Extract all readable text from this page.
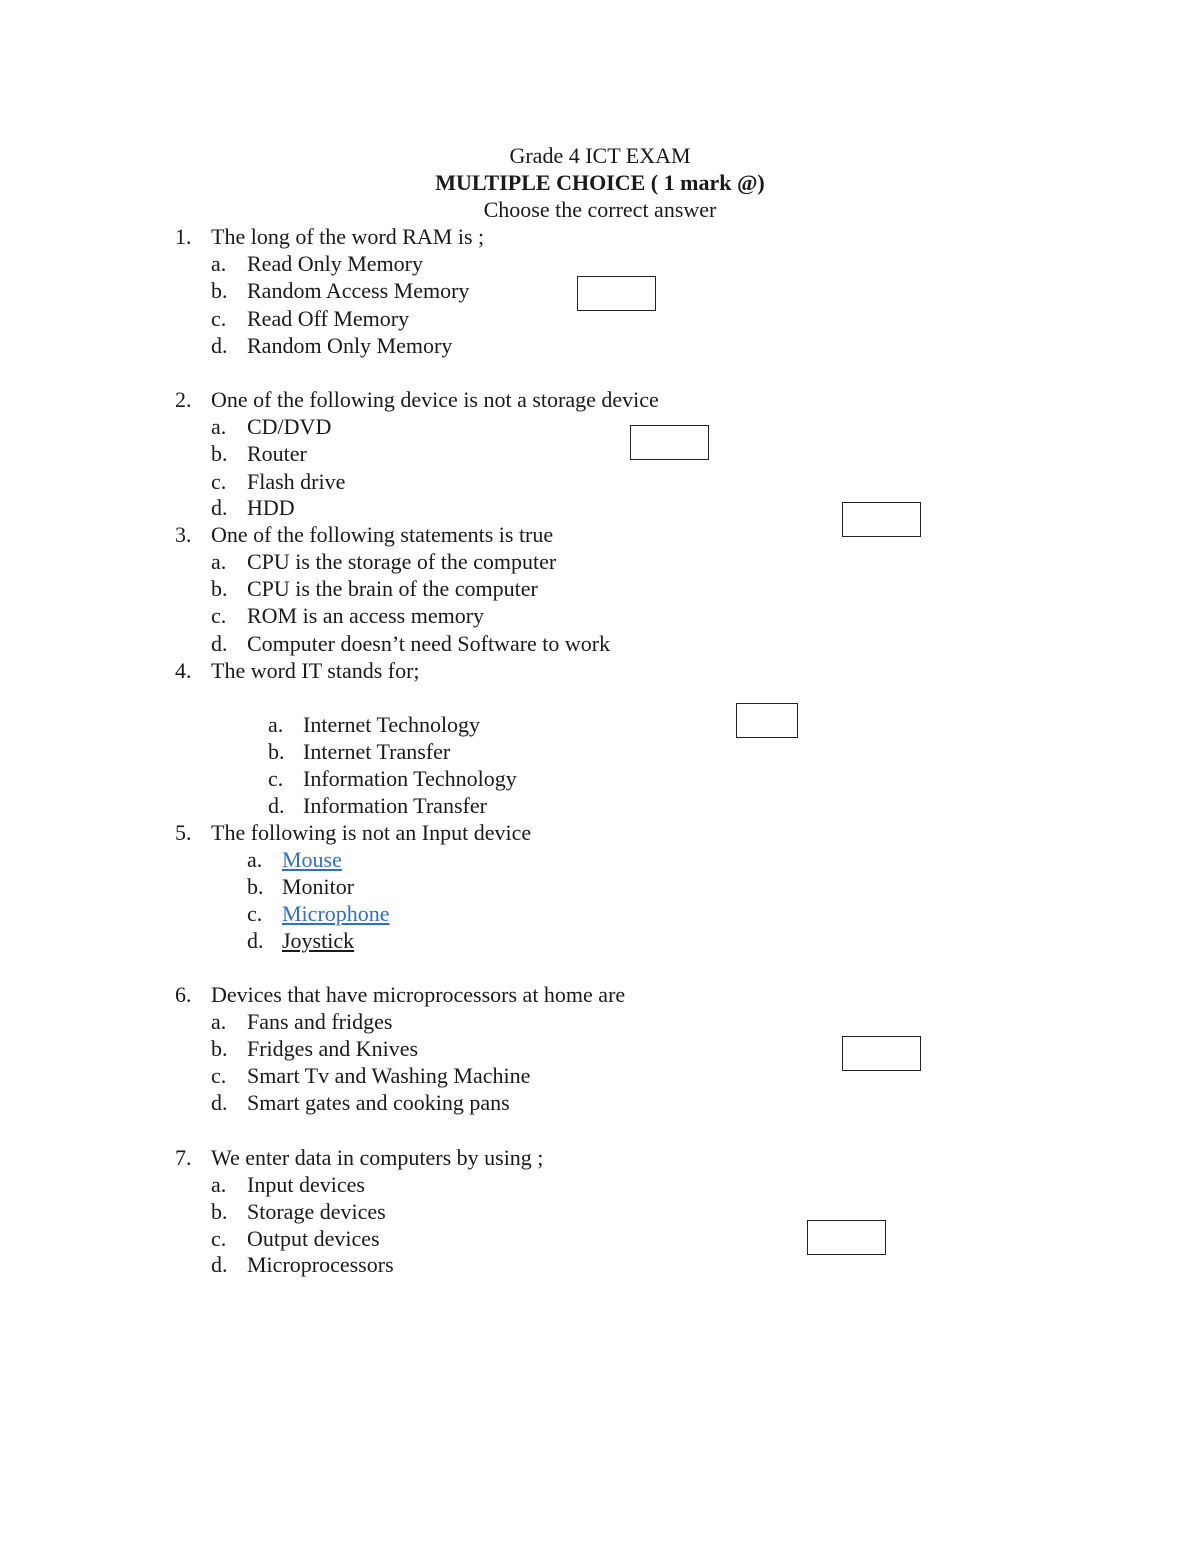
Grade 4 ICT EXAM
MULTIPLE CHOICE ( 1 mark @)
Choose the correct answer
1. The long of the word RAM is ;
a. Read Only Memory
b. Random Access Memory
c. Read Off Memory
d. Random Only Memory
2. One of the following device is not a storage device
a. CD/DVD
b. Router
c. Flash drive
d. HDD
3. One of the following statements is true
a. CPU is the storage of the computer
b. CPU is the brain of the computer
c. ROM is an access memory
d. Computer doesn’t need Software to work
4. The word IT stands for;
a. Internet Technology
b. Internet Transfer
c. Information Technology
d. Information Transfer
5. The following is not an Input device
a. Mouse
b. Monitor
c. Microphone
d. Joystick
6. Devices that have microprocessors at home are
a. Fans and fridges
b. Fridges and Knives
c. Smart Tv and Washing Machine
d. Smart gates and cooking pans
7. We enter data in computers by using ;
a. Input devices
b. Storage devices
c. Output devices
d. Microprocessors
